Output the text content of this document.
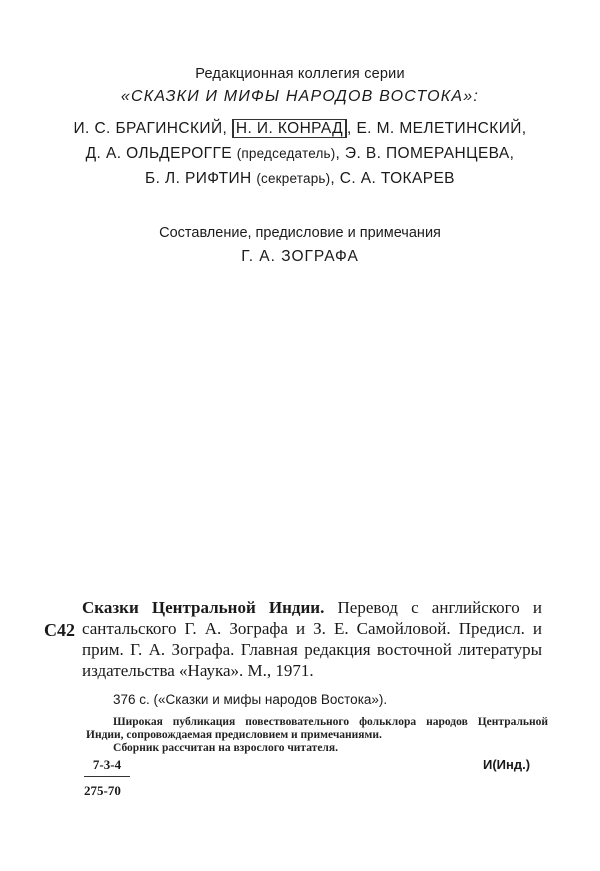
Редакционная коллегия серии
«СКАЗКИ И МИФЫ НАРОДОВ ВОСТОКА»:
И. С. БРАГИНСКИЙ, Н. И. КОНРАД , Е. М. МЕЛЕТИНСКИЙ,
Д. А. ОЛЬДЕРОГГЕ (председатель), Э. В. ПОМЕРАНЦЕВА,
Б. Л. РИФТИН (секретарь), С. А. ТОКАРЕВ
Составление, предисловие и примечания
Г. А. ЗОГРАФА
С42
Сказки Центральной Индии. Перевод с английского и сантальского Г. А. Зографа и З. Е. Самойловой. Предисл. и прим. Г. А. Зографа. Главная редакция восточной литературы издательства «Наука». М., 1971.
376 с. («Сказки и мифы народов Востока»).

Широкая публикация повествовательного фольклора народов Центральной Индии, сопровождаемая предисловием и примечаниями.

Сборник рассчитан на взрослого читателя.

$\frac{7-3-4}{275-70}$	И(Инд.)
